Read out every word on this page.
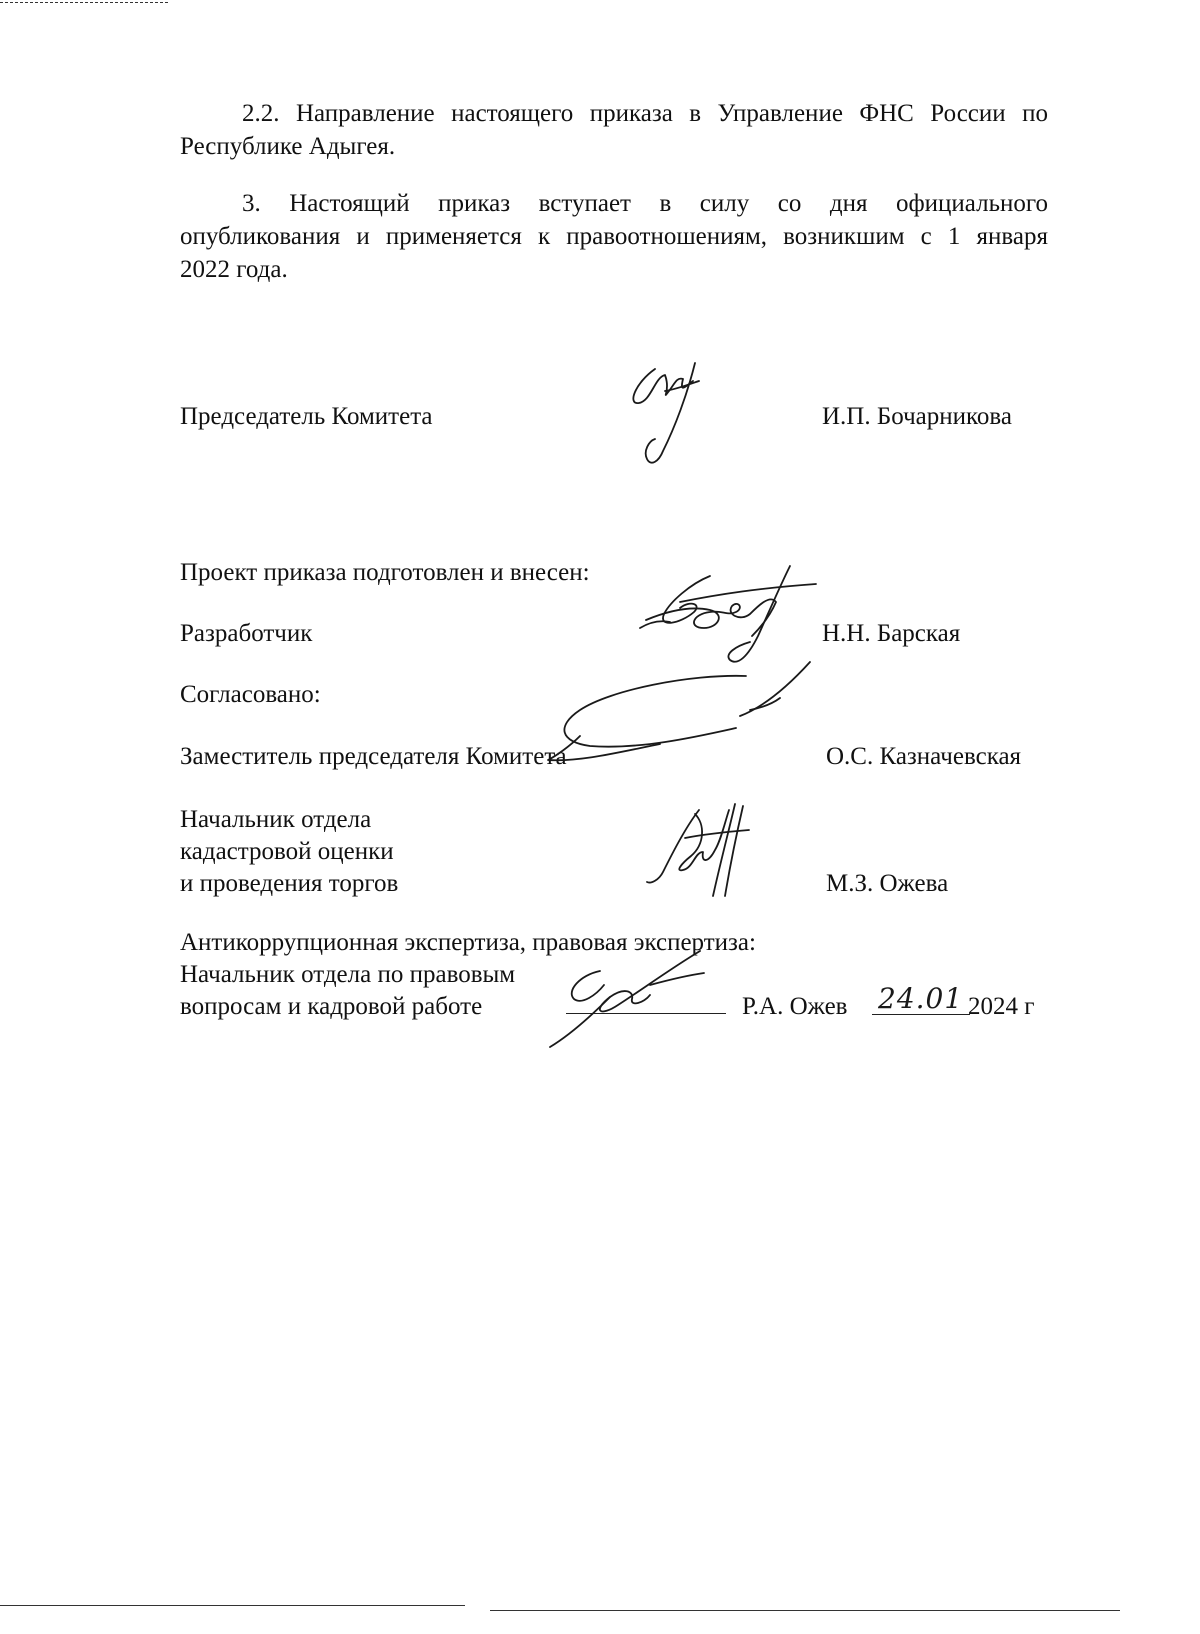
2.2. Направление настоящего приказа в Управление ФНС России по
Республике Адыгея.
3. Настоящий приказ вступает в силу со дня официального
опубликования и применяется к правоотношениям, возникшим с 1 января
2022 года.
Председатель Комитета	И.П. Бочарникова
Проект приказа подготовлен и внесен:
Разработчик	Н.Н. Барская
Согласовано:
Заместитель председателя Комитета	О.С. Казначевская
Начальник отдела
кадастровой оценки
и проведения торгов	М.З. Ожева
Антикоррупционная экспертиза, правовая экспертиза:
Начальник отдела по правовым
вопросам и кадровой работе	Р.А. Ожев 24.01 2024 г
